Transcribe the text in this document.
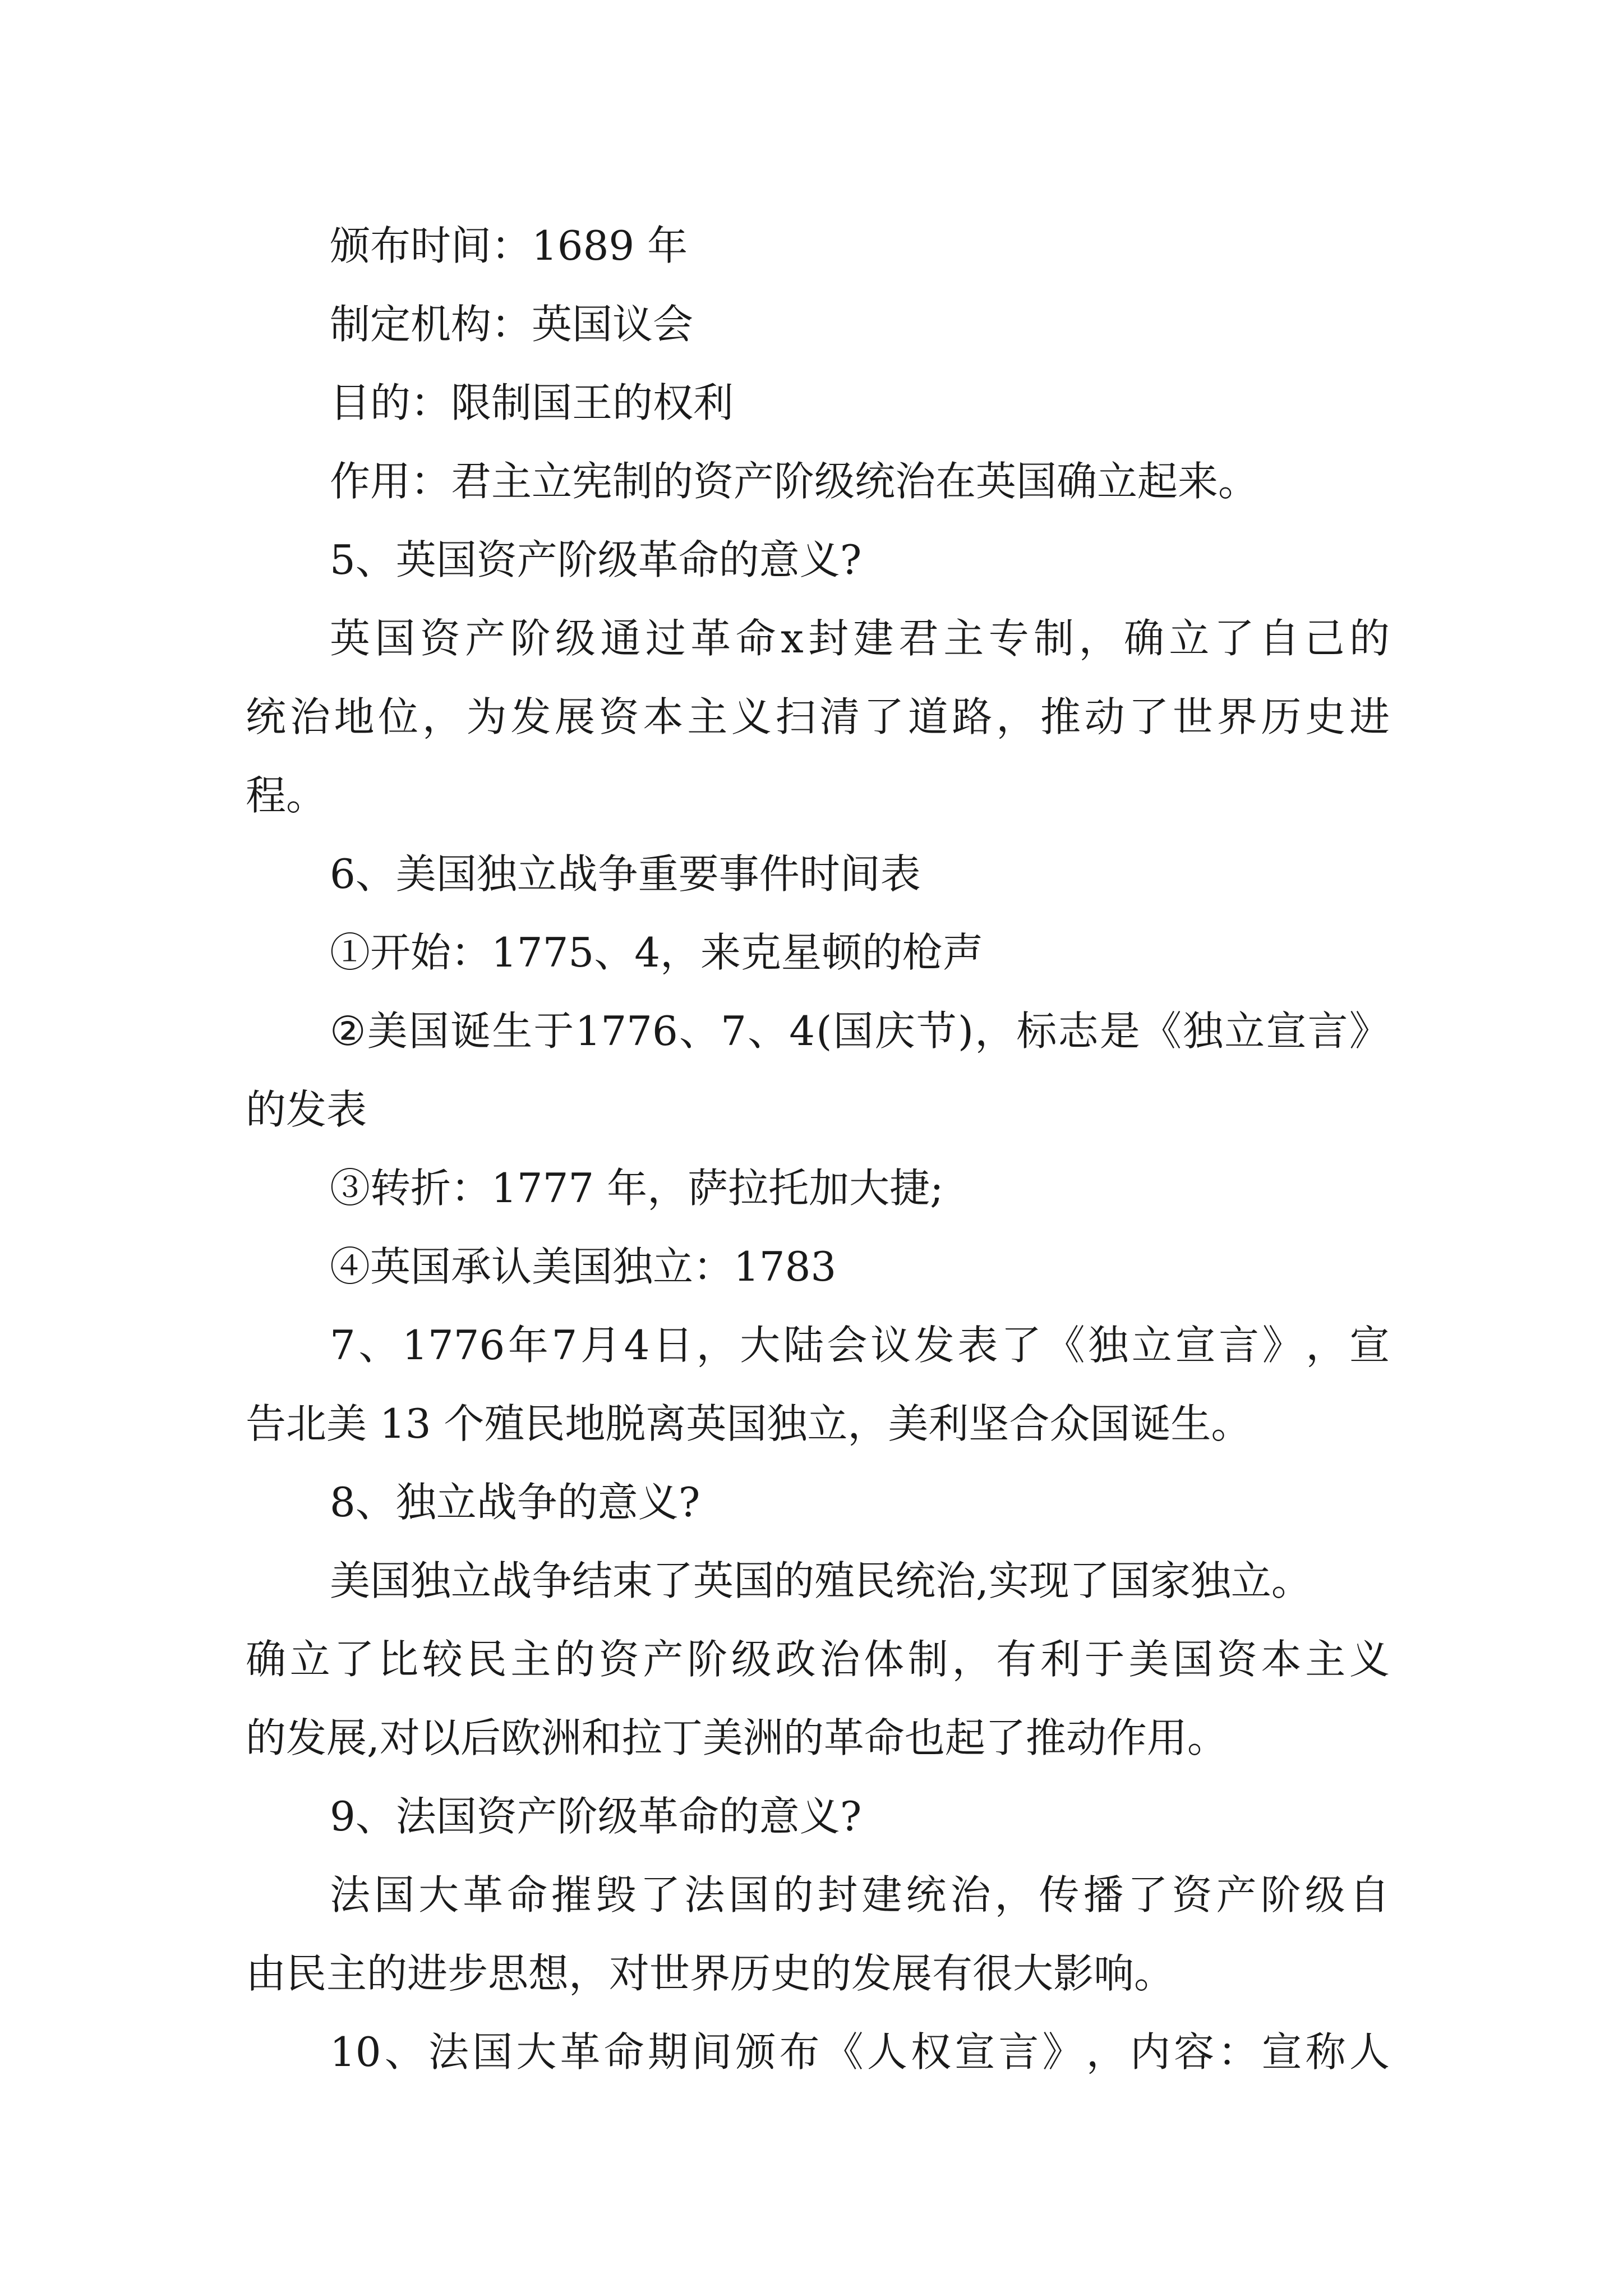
颁布时间：1689 年
制定机构：英国议会
目的：限制国王的权利
作用：君主立宪制的资产阶级统治在英国确立起来。
5、英国资产阶级革命的意义?
英 国 资 产 阶 级 通 过 革 命 x 封 建 君 主 专 制 ， 确 立 了 自 己 的
统 治 地 位 ， 为 发 展 资 本 主 义 扫 清 了 道 路 ， 推 动 了 世 界 历 史 进
程。
6、美国独立战争重要事件时间表
①开始：1775、4，来克星顿的枪声
② 美 国 诞 生 于 1776 、 7 、 4 ( 国 庆 节 ) ， 标 志 是 《 独 立 宣 言 》
的发表
③转折：1777 年，萨拉托加大捷;
④英国承认美国独立：1783
7 、 1776 年 7 月 4 日 ， 大 陆 会 议 发 表 了 《 独 立 宣 言 》 ， 宣
告北美 13 个殖民地脱离英国独立，美利坚合众国诞生。
8、独立战争的意义?
美国独立战争结束了英国的殖民统治,实现了国家独立。
确 立 了 比 较 民 主 的 资 产 阶 级 政 治 体 制 ， 有 利 于 美 国 资 本 主 义
的发展,对以后欧洲和拉丁美洲的革命也起了推动作用。
9、法国资产阶级革命的意义?
法 国 大 革 命 摧 毁 了 法 国 的 封 建 统 治 ， 传 播 了 资 产 阶 级 自
由民主的进步思想，对世界历史的发展有很大影响。
10 、 法 国 大 革 命 期 间 颁 布 《 人 权 宣 言 》 ， 内 容 ： 宣 称 人
